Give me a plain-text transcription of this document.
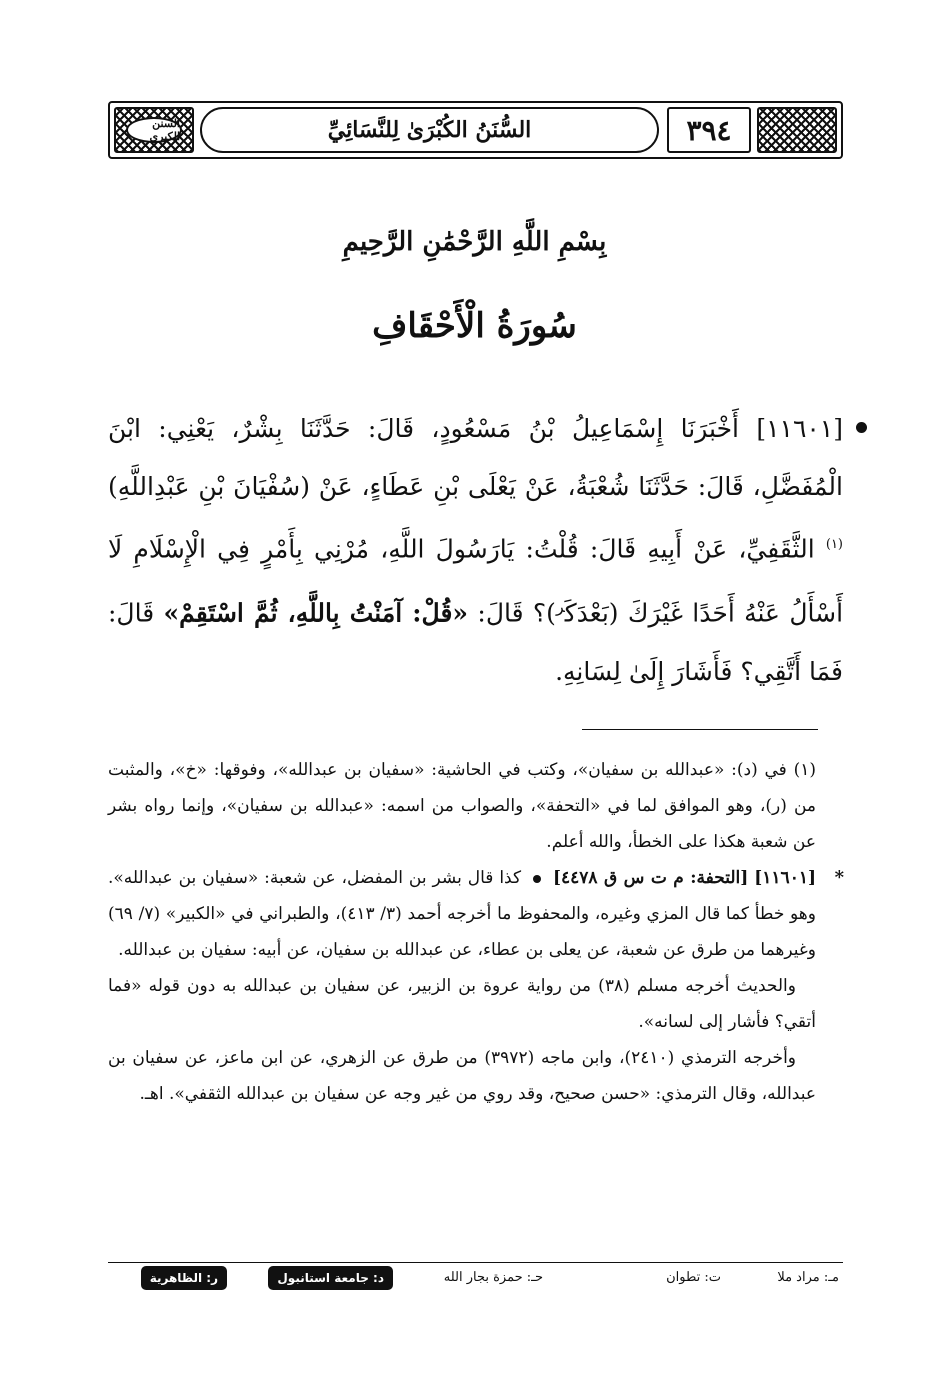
٣٩٤
السُّنَنُ الكُبْرَىٰ لِلنَّسَائِيِّ
السنن الكبرى
بِسْمِ اللَّهِ الرَّحْمَٰنِ الرَّحِيمِ
سُورَةُ الْأَحْقَافِ
[١١٦٠١] أَخْبَرَنَا إِسْمَاعِيلُ بْنُ مَسْعُودٍ، قَالَ: حَدَّثَنَا بِشْرٌ، يَعْنِي: ابْنَ الْمُفَضَّلِ، قَالَ: حَدَّثَنَا شُعْبَةُ، عَنْ يَعْلَى بْنِ عَطَاءٍ، عَنْ (سُفْيَانَ بْنِ عَبْدِاللَّهِ)$^{(١)}$ الثَّقَفِيِّ، عَنْ أَبِيهِ قَالَ: قُلْتُ: يَارَسُولَ اللَّهِ، مُرْنِي بِأَمْرٍ فِي الْإِسْلَامِ لَا أَسْأَلُ عَنْهُ أَحَدًا غَيْرَكَ (بَعْدَكَ$^ر$)؟ قَالَ: «قُلْ: آمَنْتُ بِاللَّهِ، ثُمَّ اسْتَقِمْ» قَالَ: فَمَا أَتَّقِي؟ فَأَشَارَ إِلَىٰ لِسَانِهِ.

(١) في (د): «عبدالله بن سفيان»، وكتب في الحاشية: «سفيان بن عبدالله»، وفوقها: «خ»، والمثبت من (ر)، وهو الموافق لما في «التحفة»، والصواب من اسمه: «عبدالله بن سفيان»، وإنما رواه بشر عن شعبة هكذا على الخطأ، والله أعلم.

*
[١١٦٠١] [التحفة: م ت س ق ٤٤٧٨]  كذا قال بشر بن المفضل، عن شعبة: «سفيان بن عبدالله». وهو خطأ كما قال المزي وغيره، والمحفوظ ما أخرجه أحمد (٣/ ٤١٣)، والطبراني في «الكبير» (٧/ ٦٩) وغيرهما من طرق عن شعبة، عن يعلى بن عطاء، عن عبدالله بن سفيان، عن أبيه: سفيان بن عبدالله.

والحديث أخرجه مسلم (٣٨) من رواية عروة بن الزبير، عن سفيان بن عبدالله به دون قوله «فما أتقي؟ فأشار إلى لسانه».

وأخرجه الترمذي (٢٤١٠)، وابن ماجه (٣٩٧٢) من طرق عن الزهري، عن ابن ماعز، عن سفيان بن عبدالله، وقال الترمذي: «حسن صحيح، وقد روي من غير وجه عن سفيان بن عبدالله الثقفي». اهـ.

مـ: مراد ملا
ت: تطوان
حـ: حمزة بجار الله
د: جامعة استانبول
ر: الظاهرية
